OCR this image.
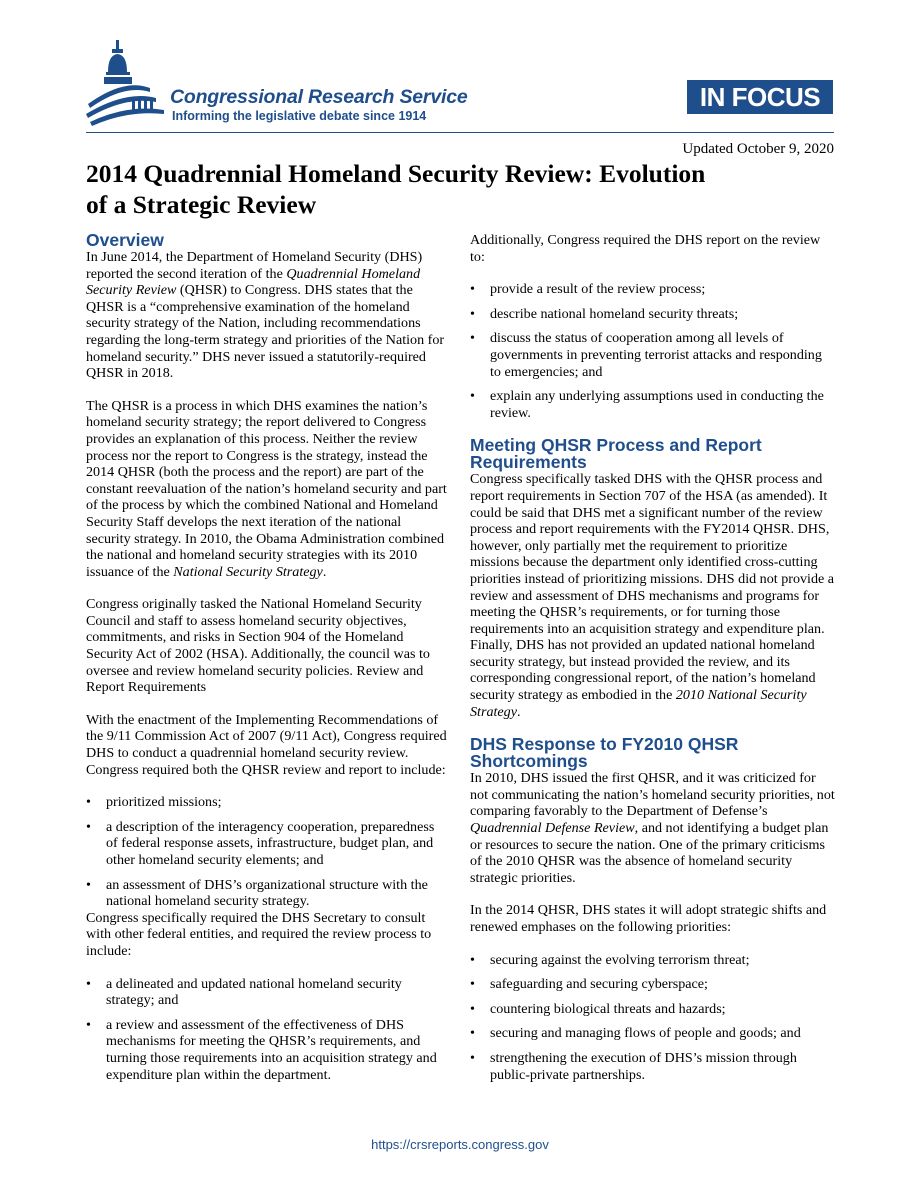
Congressional Research Service
Informing the legislative debate since 1914
IN FOCUS
Updated October 9, 2020
2014 Quadrennial Homeland Security Review: Evolution of a Strategic Review
Overview

In June 2014, the Department of Homeland Security (DHS) reported the second iteration of the Quadrennial Homeland Security Review (QHSR) to Congress. DHS states that the QHSR is a “comprehensive examination of the homeland security strategy of the Nation, including recommendations regarding the long-term strategy and priorities of the Nation for homeland security.” DHS never issued a statutorily-required QHSR in 2018.

The QHSR is a process in which DHS examines the nation’s homeland security strategy; the report delivered to Congress provides an explanation of this process. Neither the review process nor the report to Congress is the strategy, instead the 2014 QHSR (both the process and the report) are part of the constant reevaluation of the nation’s homeland security and part of the process by which the combined National and Homeland Security Staff develops the next iteration of the national security strategy. In 2010, the Obama Administration combined the national and homeland security strategies with its 2010 issuance of the National Security Strategy.

Congress originally tasked the National Homeland Security Council and staff to assess homeland security objectives, commitments, and risks in Section 904 of the Homeland Security Act of 2002 (HSA). Additionally, the council was to oversee and review homeland security policies. Review and Report Requirements

With the enactment of the Implementing Recommendations of the 9/11 Commission Act of 2007 (9/11 Act), Congress required DHS to conduct a quadrennial homeland security review. Congress required both the QHSR review and report to include:

• prioritized missions;
• a description of the interagency cooperation, preparedness of federal response assets, infrastructure, budget plan, and other homeland security elements; and
• an assessment of DHS’s organizational structure with the national homeland security strategy.

Congress specifically required the DHS Secretary to consult with other federal entities, and required the review process to include:

• a delineated and updated national homeland security strategy; and
• a review and assessment of the effectiveness of DHS mechanisms for meeting the QHSR’s requirements, and turning those requirements into an acquisition strategy and expenditure plan within the department.

Additionally, Congress required the DHS report on the review to:

• provide a result of the review process;
• describe national homeland security threats;
• discuss the status of cooperation among all levels of governments in preventing terrorist attacks and responding to emergencies; and
• explain any underlying assumptions used in conducting the review.
Meeting QHSR Process and Report Requirements

Congress specifically tasked DHS with the QHSR process and report requirements in Section 707 of the HSA (as amended). It could be said that DHS met a significant number of the review process and report requirements with the FY2014 QHSR. DHS, however, only partially met the requirement to prioritize missions because the department only identified cross-cutting priorities instead of prioritizing missions. DHS did not provide a review and assessment of DHS mechanisms and programs for meeting the QHSR’s requirements, or for turning those requirements into an acquisition strategy and expenditure plan. Finally, DHS has not provided an updated national homeland security strategy, but instead provided the review, and its corresponding congressional report, of the nation’s homeland security strategy as embodied in the 2010 National Security Strategy.

DHS Response to FY2010 QHSR Shortcomings

In 2010, DHS issued the first QHSR, and it was criticized for not communicating the nation’s homeland security priorities, not comparing favorably to the Department of Defense’s Quadrennial Defense Review, and not identifying a budget plan or resources to secure the nation. One of the primary criticisms of the 2010 QHSR was the absence of homeland security strategic priorities.

In the 2014 QHSR, DHS states it will adopt strategic shifts and renewed emphases on the following priorities:

• securing against the evolving terrorism threat;
• safeguarding and securing cyberspace;
• countering biological threats and hazards;
• securing and managing flows of people and goods; and
• strengthening the execution of DHS’s mission through public-private partnerships.
https://crsreports.congress.gov
